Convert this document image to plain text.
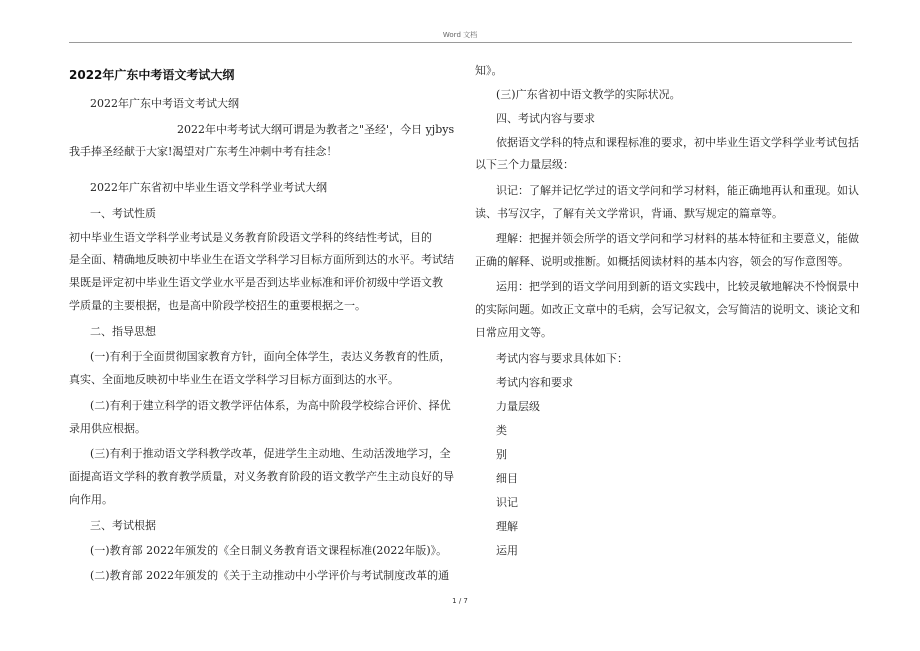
Word 文档
2022年广东中考语文考试大纲
2022年广东中考语文考试大纲
2022年中考考试大纲可谓是为教者之"圣经'，今日 yjbys
我手捧圣经献于大家!渴望对广东考生冲刺中考有挂念！
2022年广东省初中毕业生语文学科学业考试大纲
一、考试性质
初中毕业生语文学科学业考试是义务教育阶段语文学科的终结性考试，目的
是全面、精确地反映初中毕业生在语文学科学习目标方面所到达的水平。考试结
果既是评定初中毕业生语文学业水平是否到达毕业标准和评价初级中学语文教
学质量的主要根据，也是高中阶段学校招生的重要根据之一。
二、指导思想
(一)有利于全面贯彻国家教育方针，面向全体学生，表达义务教育的性质，
真实、全面地反映初中毕业生在语文学科学习目标方面到达的水平。
(二)有利于建立科学的语文教学评估体系，为高中阶段学校综合评价、择优
录用供应根据。
(三)有利于推动语文学科教学改革，促进学生主动地、生动活泼地学习，全
面提高语文学科的教育教学质量，对义务教育阶段的语文教学产生主动良好的导
向作用。
三、考试根据
(一)教育部 2022年颁发的《全日制义务教育语文课程标准(2022年版)》。
(二)教育部 2022年颁发的《关于主动推动中小学评价与考试制度改革的通
知》。
(三)广东省初中语文教学的实际状况。
四、考试内容与要求
依据语文学科的特点和课程标准的要求，初中毕业生语文学科学业考试包括
以下三个力量层级：
识记：了解并记忆学过的语文学问和学习材料，能正确地再认和重现。如认
读、书写汉字，了解有关文学常识，背诵、默写规定的篇章等。
理解：把握并领会所学的语文学问和学习材料的基本特征和主要意义，能做
正确的解释、说明或推断。如概括阅读材料的基本内容，领会的写作意图等。
运用：把学到的语文学问用到新的语文实践中，比较灵敏地解决不怜悯景中
的实际问题。如改正文章中的毛病，会写记叙文，会写简洁的说明文、谈论文和
日常应用文等。
考试内容与要求具体如下：
考试内容和要求
力量层级
类
别
细目
识记
理解
运用
1 / 7
